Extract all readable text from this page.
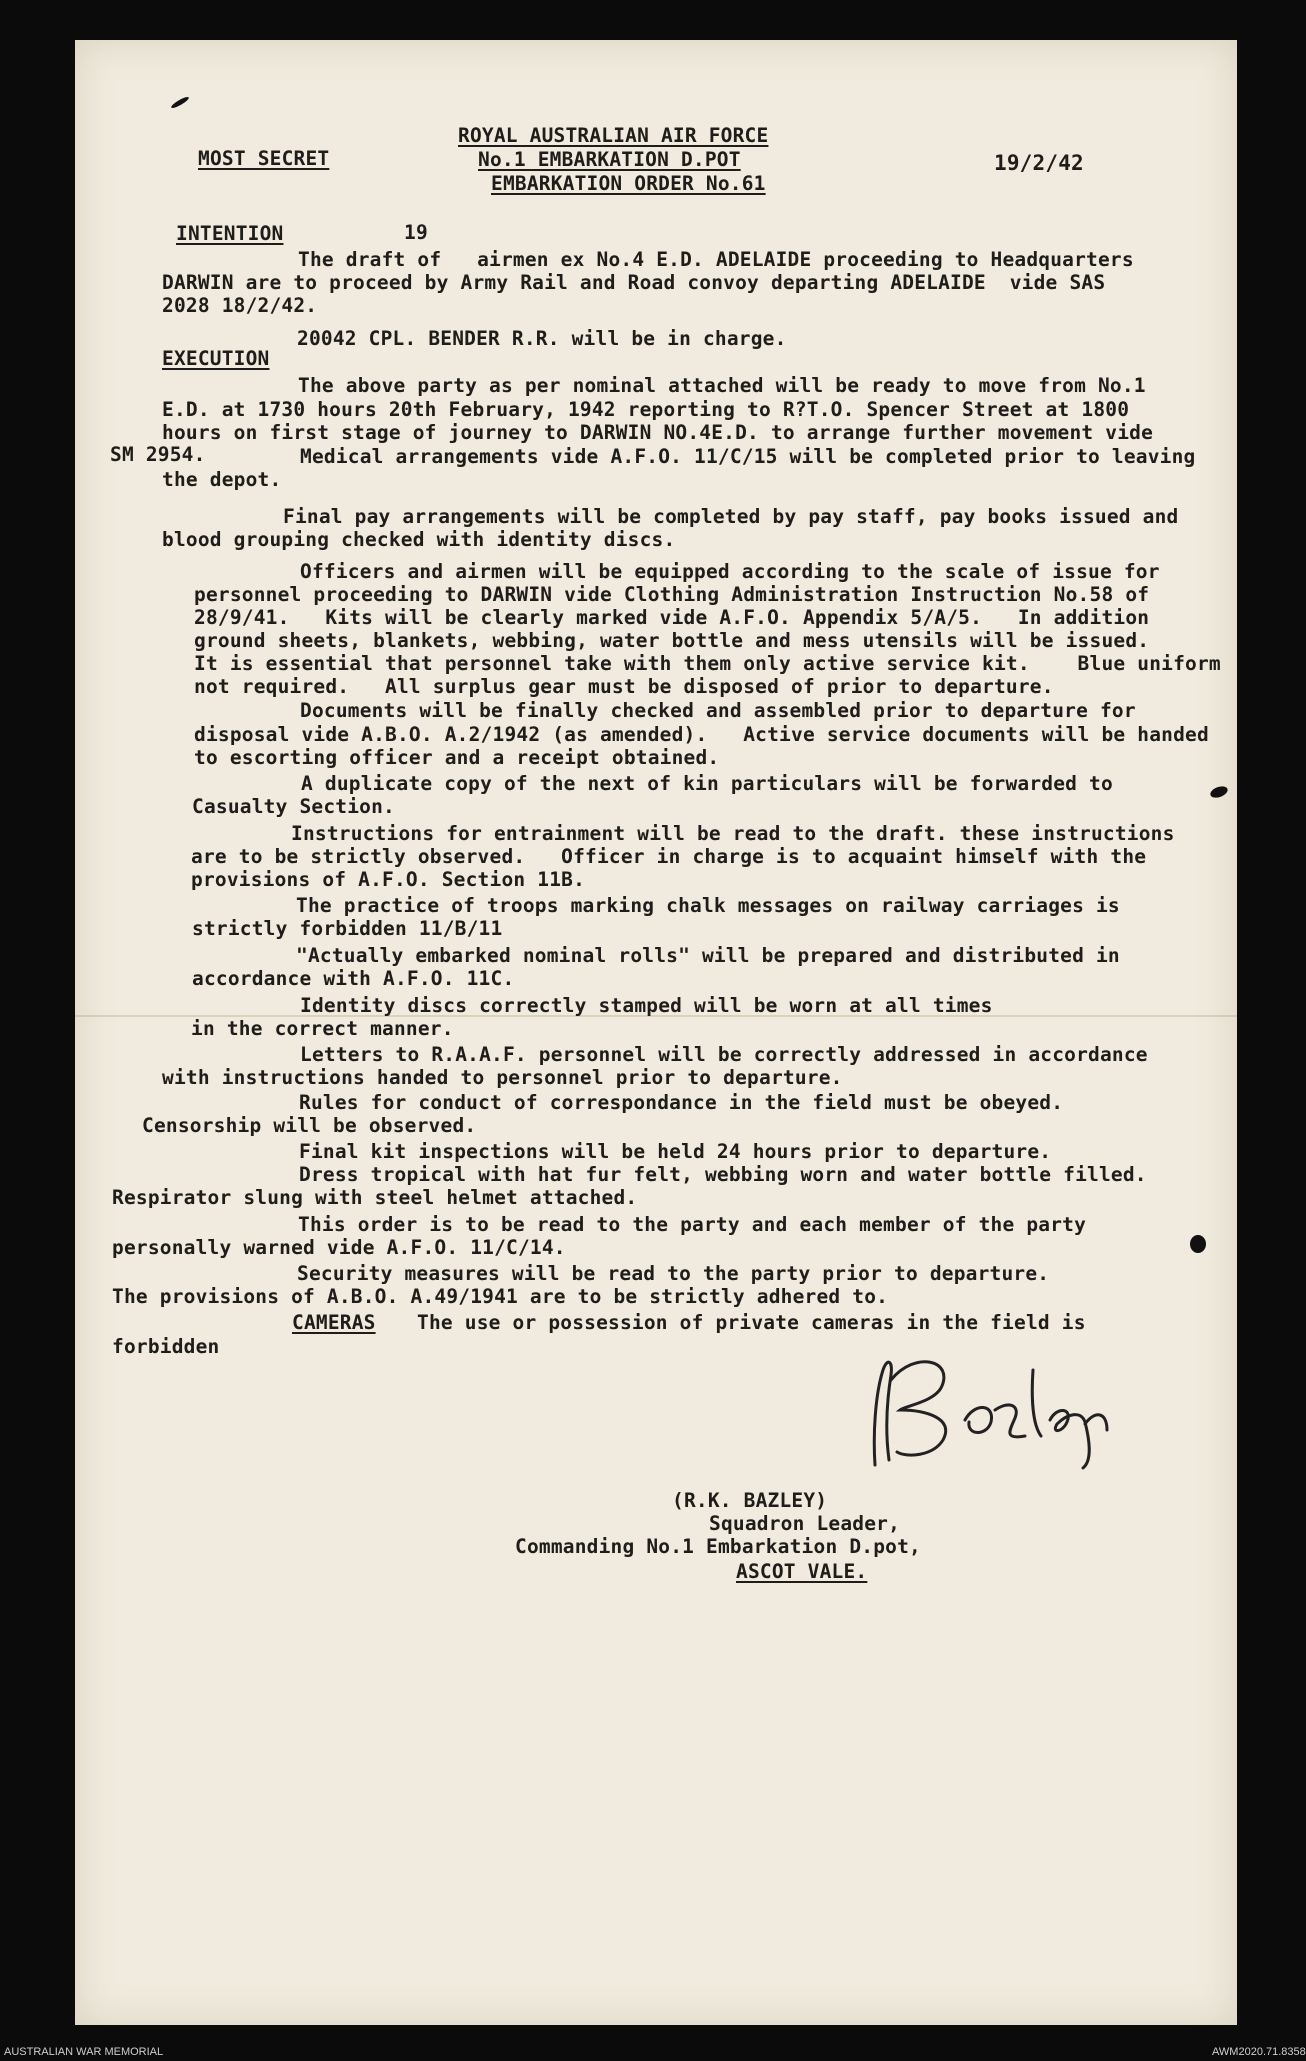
MOST SECRET
ROYAL AUSTRALIAN AIR FORCE
No.1 EMBARKATION D.POT
EMBARKATION ORDER No.61
19/2/42
INTENTION	19
The draft of   airmen ex No.4 E.D. ADELAIDE proceeding to Headquarters
DARWIN are to proceed by Army Rail and Road convoy departing ADELAIDE  vide SAS
2028 18/2/42.
20042 CPL. BENDER R.R. will be in charge.
EXECUTION
The above party as per nominal attached will be ready to move from No.1
E.D. at 1730 hours 20th February, 1942 reporting to R?T.O. Spencer Street at 1800
hours on first stage of journey to DARWIN NO.4E.D. to arrange further movement vide
SM 2954.	Medical arrangements vide A.F.O. 11/C/15 will be completed prior to leaving
the depot.
Final pay arrangements will be completed by pay staff, pay books issued and
blood grouping checked with identity discs.
Officers and airmen will be equipped according to the scale of issue for
personnel proceeding to DARWIN vide Clothing Administration Instruction No.58 of
28/9/41.   Kits will be clearly marked vide A.F.O. Appendix 5/A/5.   In addition
ground sheets, blankets, webbing, water bottle and mess utensils will be issued.
It is essential that personnel take with them only active service kit.    Blue uniform
not required.   All surplus gear must be disposed of prior to departure.
Documents will be finally checked and assembled prior to departure for
disposal vide A.B.O. A.2/1942 (as amended).   Active service documents will be handed
to escorting officer and a receipt obtained.
A duplicate copy of the next of kin particulars will be forwarded to
Casualty Section.
Instructions for entrainment will be read to the draft. these instructions
are to be strictly observed.   Officer in charge is to acquaint himself with the
provisions of A.F.O. Section 11B.
The practice of troops marking chalk messages on railway carriages is
strictly forbidden 11/B/11
"Actually embarked nominal rolls" will be prepared and distributed in
accordance with A.F.O. 11C.
Identity discs correctly stamped will be worn at all times
in the correct manner.
Letters to R.A.A.F. personnel will be correctly addressed in accordance
with instructions handed to personnel prior to departure.
Rules for conduct of correspondance in the field must be obeyed.
Censorship will be observed.
Final kit inspections will be held 24 hours prior to departure.
Dress tropical with hat fur felt, webbing worn and water bottle filled.
Respirator slung with steel helmet attached.
This order is to be read to the party and each member of the party
personally warned vide A.F.O. 11/C/14.
Security measures will be read to the party prior to departure.
The provisions of A.B.O. A.49/1941 are to be strictly adhered to.
CAMERAS The use or possession of private cameras in the field is
forbidden
(R.K. BAZLEY)
Squadron Leader,
Commanding No.1 Embarkation D.pot,
ASCOT VALE.
AUSTRALIAN WAR MEMORIAL	AWM2020.71.8358
